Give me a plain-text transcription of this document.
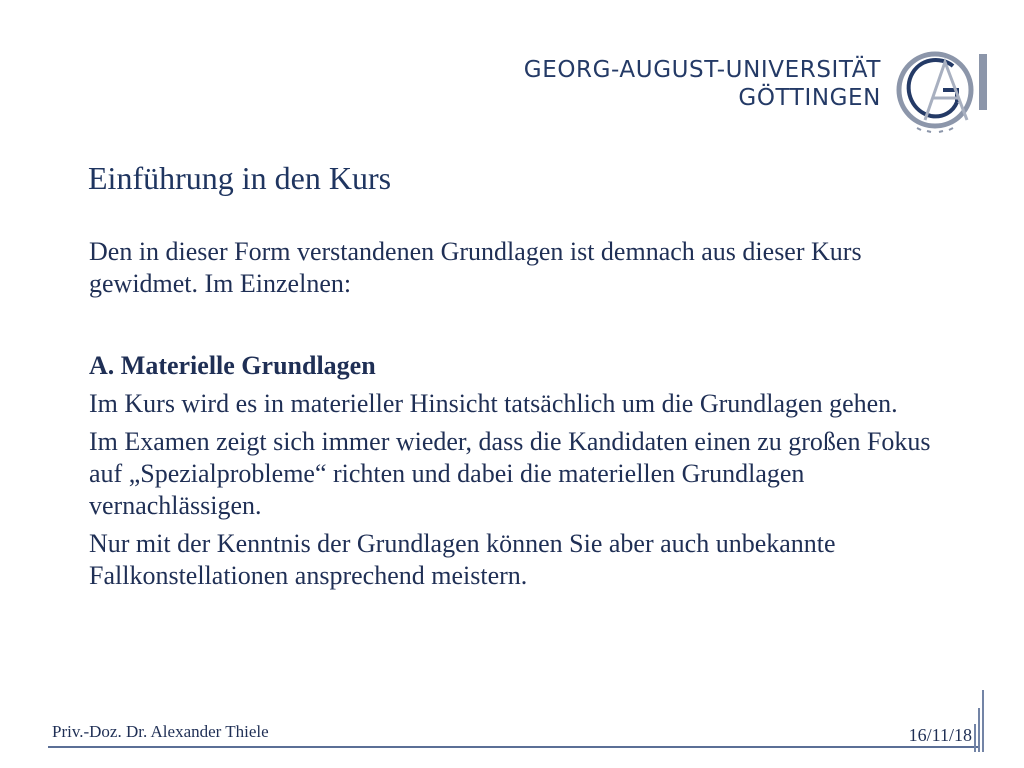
GEORG-AUGUST-UNIVERSITÄT
GÖTTINGEN
Einführung in den Kurs

Den in dieser Form verstandenen Grundlagen ist demnach aus dieser Kurs gewidmet. Im Einzelnen:

A. Materielle Grundlagen

Im Kurs wird es in materieller Hinsicht tatsächlich um die Grundlagen gehen.

Im Examen zeigt sich immer wieder, dass die Kandidaten einen zu großen Fokus auf „Spezialprobleme“ richten und dabei die materiellen Grundlagen vernachlässigen.

Nur mit der Kenntnis der Grundlagen können Sie aber auch unbekannte Fallkonstellationen ansprechend meistern.

Priv.-Doz. Dr. Alexander Thiele	16/11/18
